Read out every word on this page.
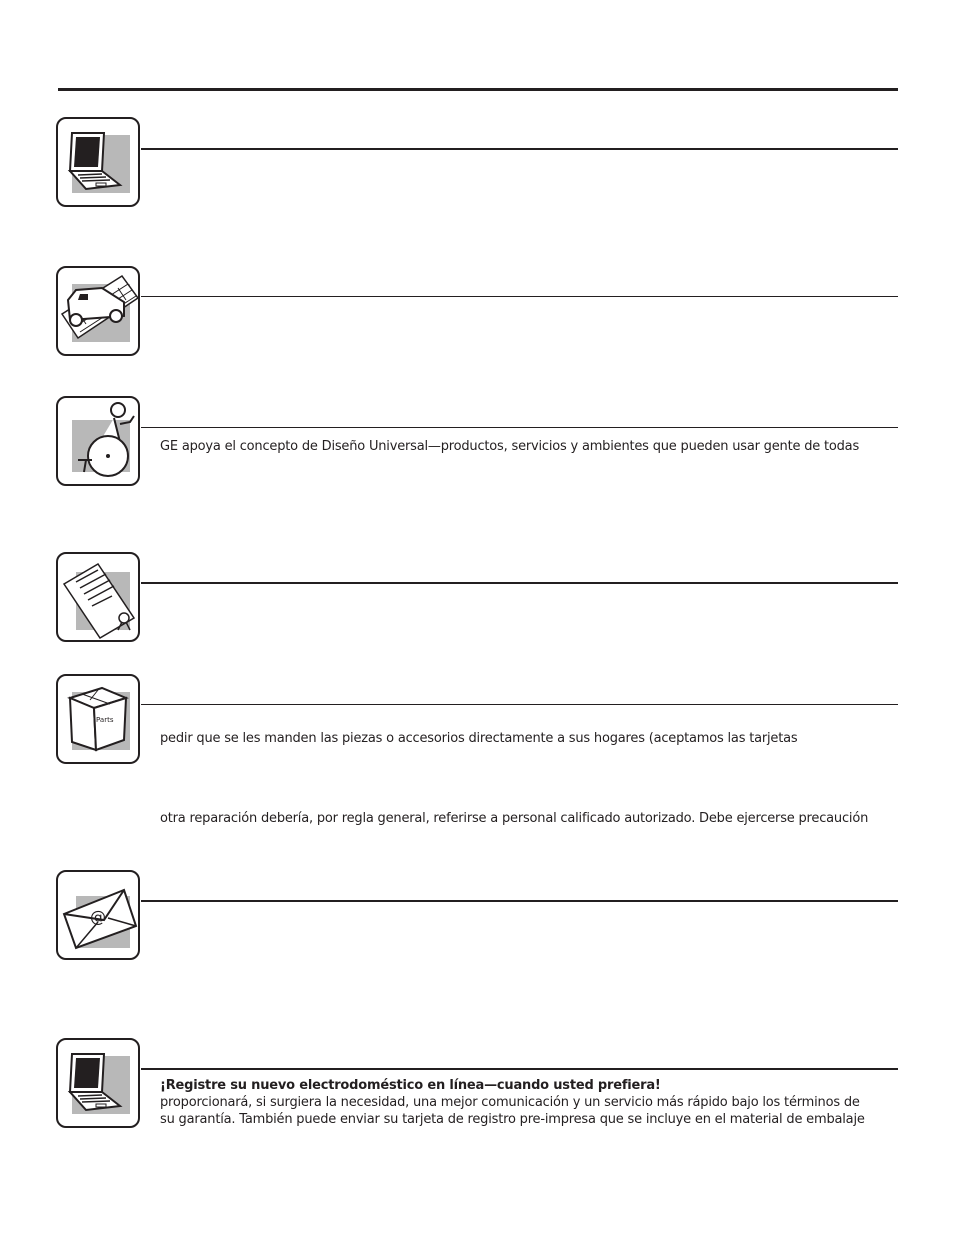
GE apoya el concepto de Diseño Universal—productos, servicios y ambientes que pueden usar gente de todas
Parts
pedir que se les manden las piezas o accesorios directamente a sus hogares (aceptamos las tarjetas
otra reparación debería, por regla general, referirse a personal calificado autorizado. Debe ejercerse precaución
@
¡Registre su nuevo electrodoméstico en línea—cuando usted prefiera!
proporcionará, si surgiera la necesidad, una mejor comunicación y un servicio más rápido bajo los términos de
su garantía. También puede enviar su tarjeta de registro pre-impresa que se incluye en el material de embalaje
